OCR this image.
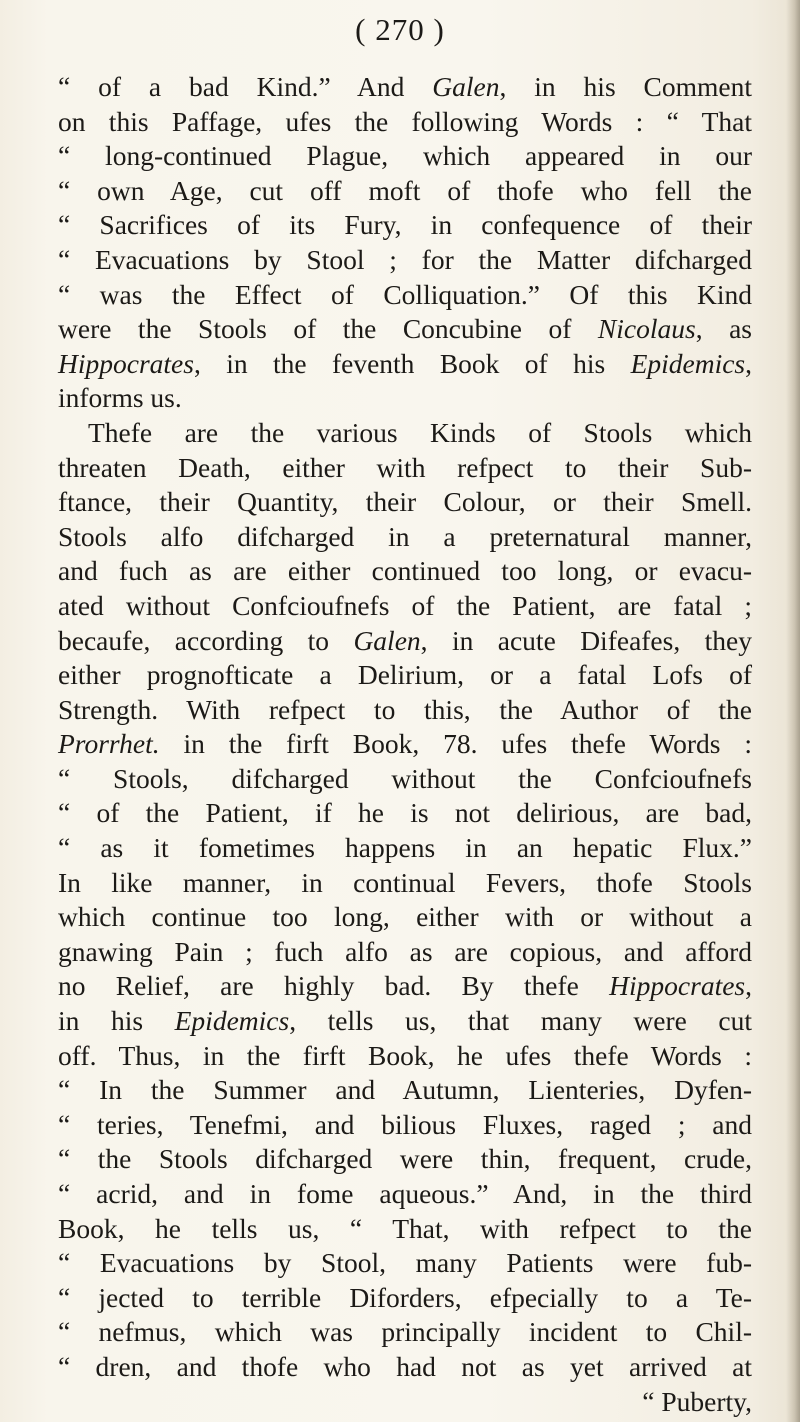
( 270 )
“ of a bad Kind.” And Galen, in his Comment
on this Paffage, ufes the following Words : “ That
“ long-continued Plague, which appeared in our
“ own Age, cut off moft of thofe who fell the
“ Sacrifices of its Fury, in confequence of their
“ Evacuations by Stool ; for the Matter difcharged
“ was the Effect of Colliquation.” Of this Kind
were the Stools of the Concubine of Nicolaus, as
Hippocrates, in the feventh Book of his Epidemics,
informs us.
Thefe are the various Kinds of Stools which
threaten Death, either with refpect to their Sub-
ftance, their Quantity, their Colour, or their Smell.
Stools alfo difcharged in a preternatural manner,
and fuch as are either continued too long, or evacu-
ated without Confcioufnefs of the Patient, are fatal ;
becaufe, according to Galen, in acute Difeafes, they
either prognofticate a Delirium, or a fatal Lofs of
Strength. With refpect to this, the Author of the
Prorrhet. in the firft Book, 78. ufes thefe Words :
“ Stools, difcharged without the Confcioufnefs
“ of the Patient, if he is not delirious, are bad,
“ as it fometimes happens in an hepatic Flux.”
In like manner, in continual Fevers, thofe Stools
which continue too long, either with or without a
gnawing Pain ; fuch alfo as are copious, and afford
no Relief, are highly bad. By thefe Hippocrates,
in his Epidemics, tells us, that many were cut
off. Thus, in the firft Book, he ufes thefe Words :
“ In the Summer and Autumn, Lienteries, Dyfen-
“ teries, Tenefmi, and bilious Fluxes, raged ; and
“ the Stools difcharged were thin, frequent, crude,
“ acrid, and in fome aqueous.” And, in the third
Book, he tells us, “ That, with refpect to the
“ Evacuations by Stool, many Patients were fub-
“ jected to terrible Diforders, efpecially to a Te-
“ nefmus, which was principally incident to Chil-
“ dren, and thofe who had not as yet arrived at
“ Puberty,
